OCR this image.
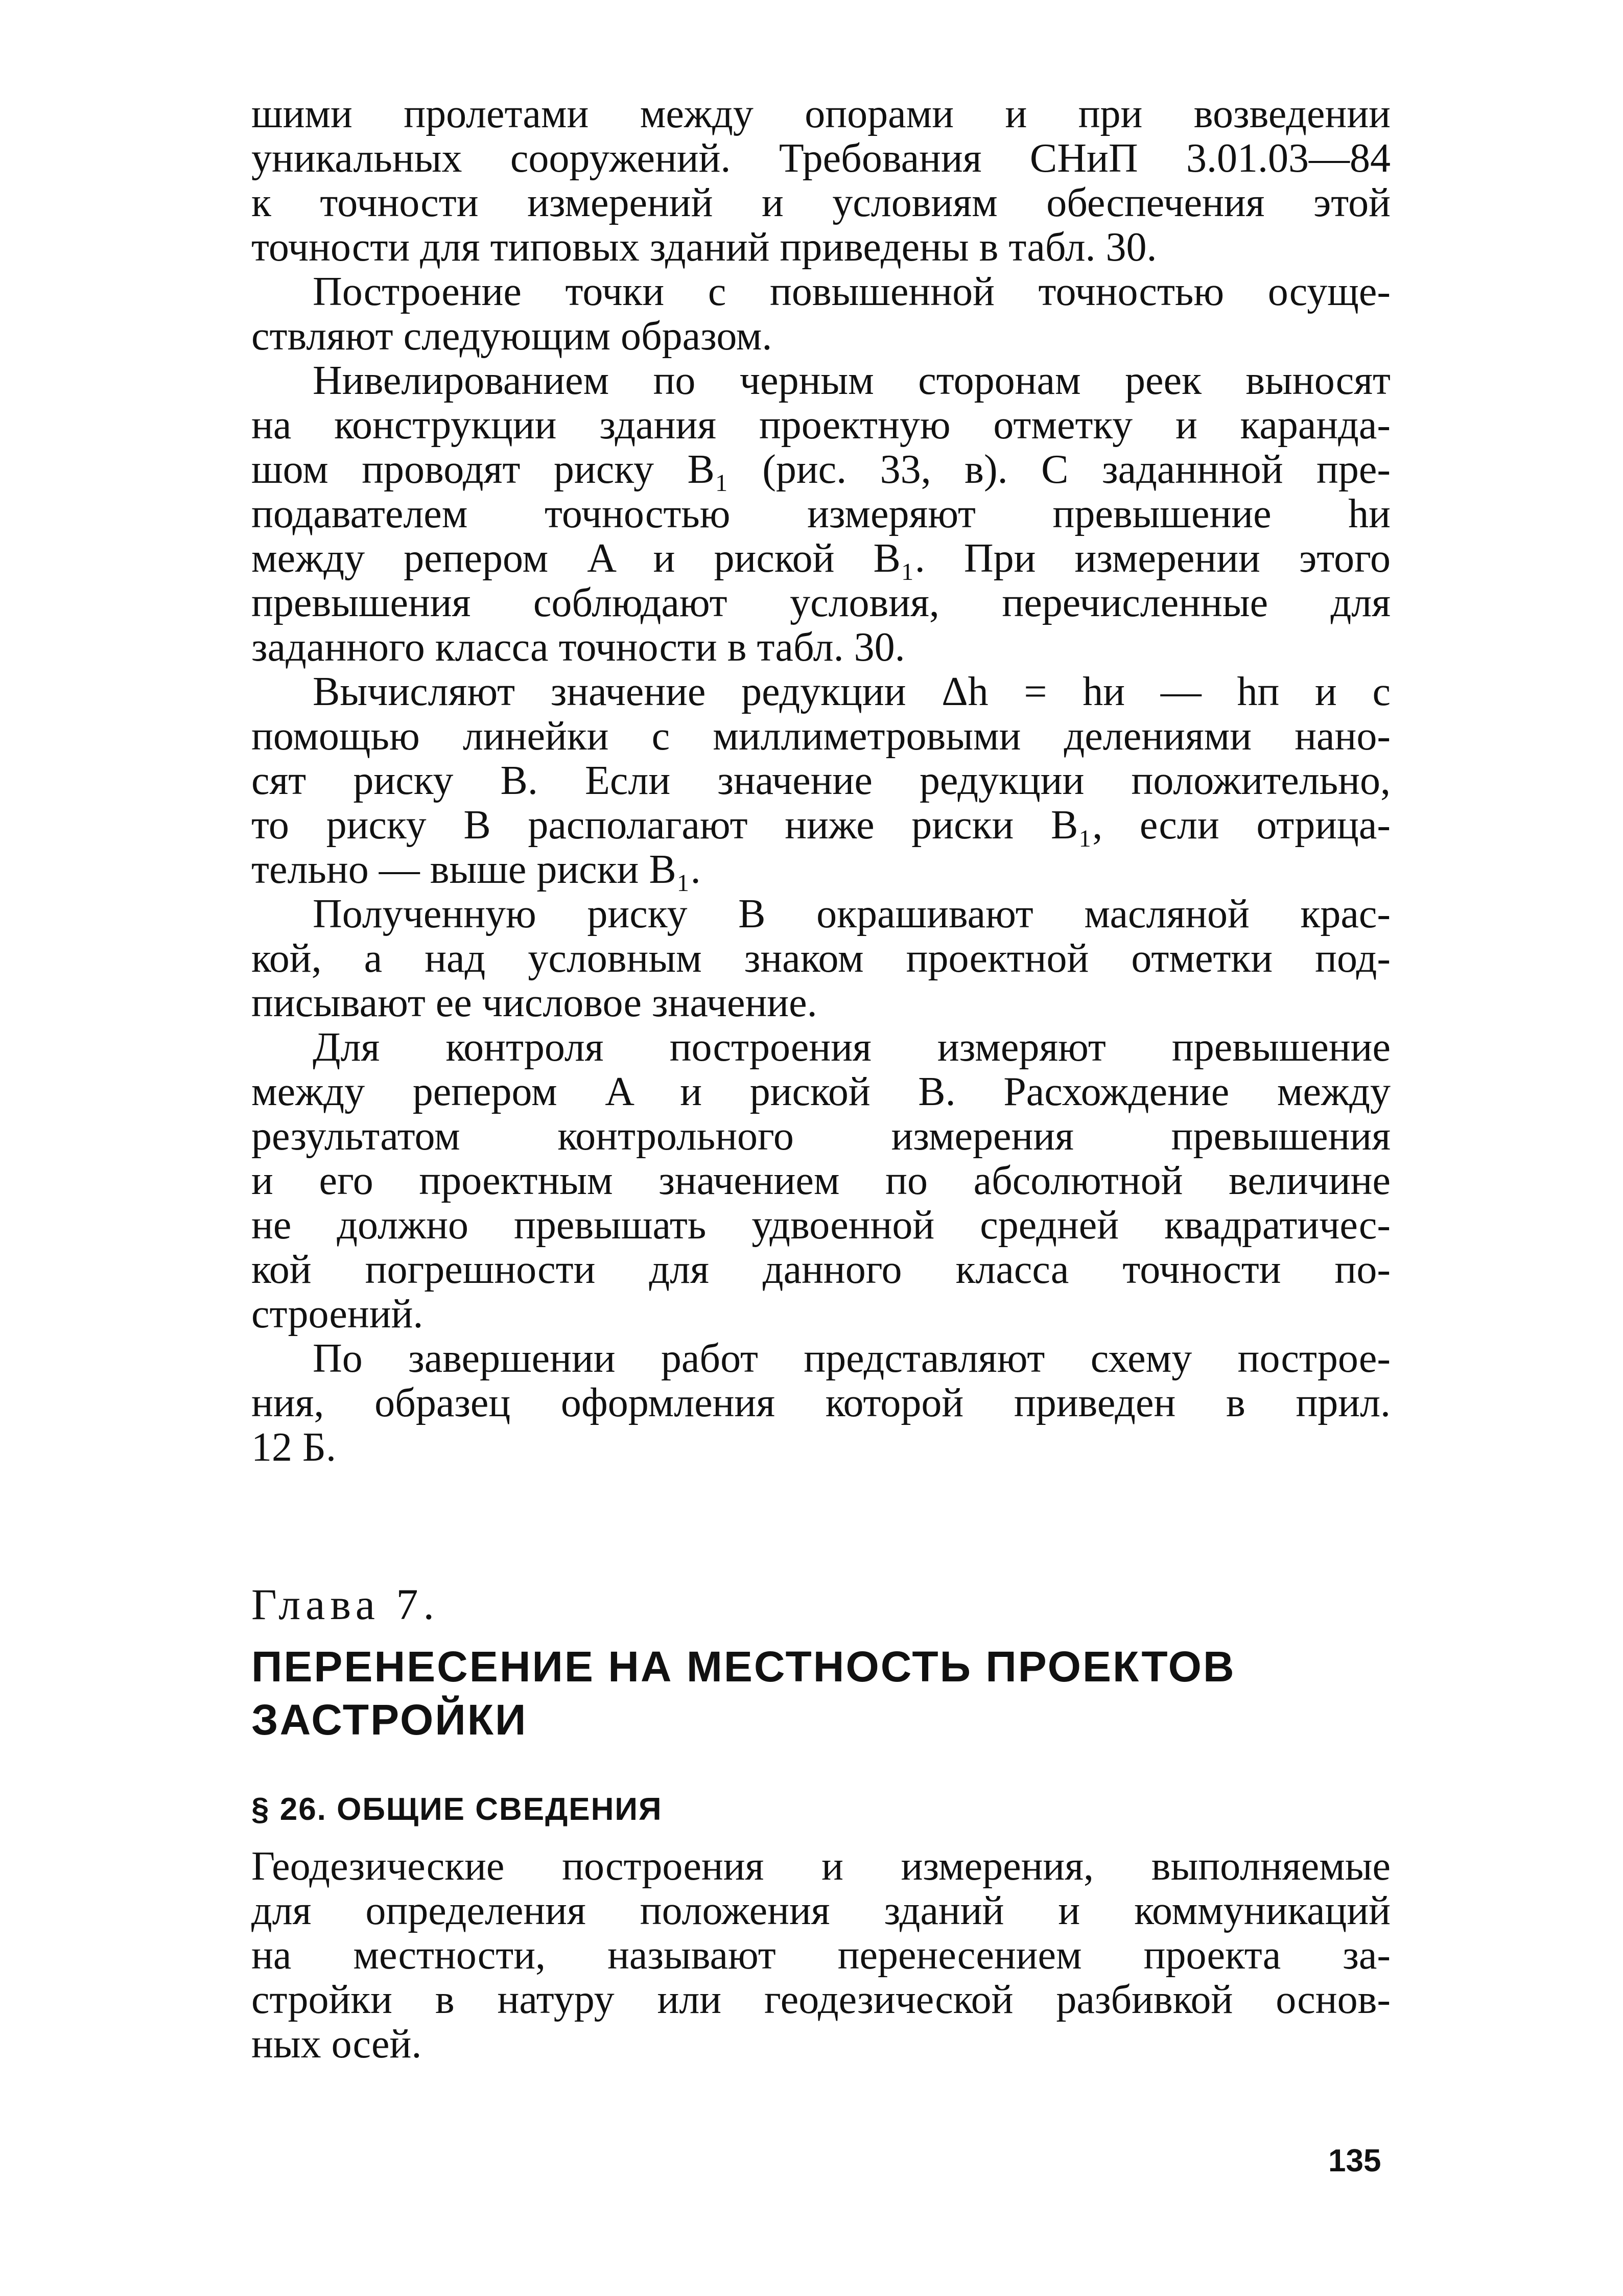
шими пролетами между опорами и при возведении
уникальных сооружений. Требования СНиП 3.01.03—84
к точности измерений и условиям обеспечения этой
точности для типовых зданий приведены в табл. 30.
Построение точки с повышенной точностью осуще-
ствляют следующим образом.
Нивелированием по черным сторонам реек выносят
на конструкции здания проектную отметку и каранда-
шом проводят риску B₁ (рис. 33, в). С заданнной пре-
подавателем точностью измеряют превышение hи
между репером A и риской B₁. При измерении этого
превышения соблюдают условия, перечисленные для
заданного класса точности в табл. 30.
Вычисляют значение редукции Δh = hи — hп и с
помощью линейки с миллиметровыми делениями нано-
сят риску B. Если значение редукции положительно,
то риску B располагают ниже риски B₁, если отрица-
тельно — выше риски B₁.
Полученную риску B окрашивают масляной крас-
кой, а над условным знаком проектной отметки под-
писывают ее числовое значение.
Для контроля построения измеряют превышение
между репером A и риской B. Расхождение между
результатом контрольного измерения превышения
и его проектным значением по абсолютной величине
не должно превышать удвоенной средней квадратичес-
кой погрешности для данного класса точности по-
строений.
По завершении работ представляют схему построе-
ния, образец оформления которой приведен в прил.
12 Б.
Глава 7.
ПЕРЕНЕСЕНИЕ НА МЕСТНОСТЬ ПРОЕКТОВ
ЗАСТРОЙКИ
§ 26. ОБЩИЕ СВЕДЕНИЯ
Геодезические построения и измерения, выполняемые
для определения положения зданий и коммуникаций
на местности, называют перенесением проекта за-
стройки в натуру или геодезической разбивкой основ-
ных осей.
135
